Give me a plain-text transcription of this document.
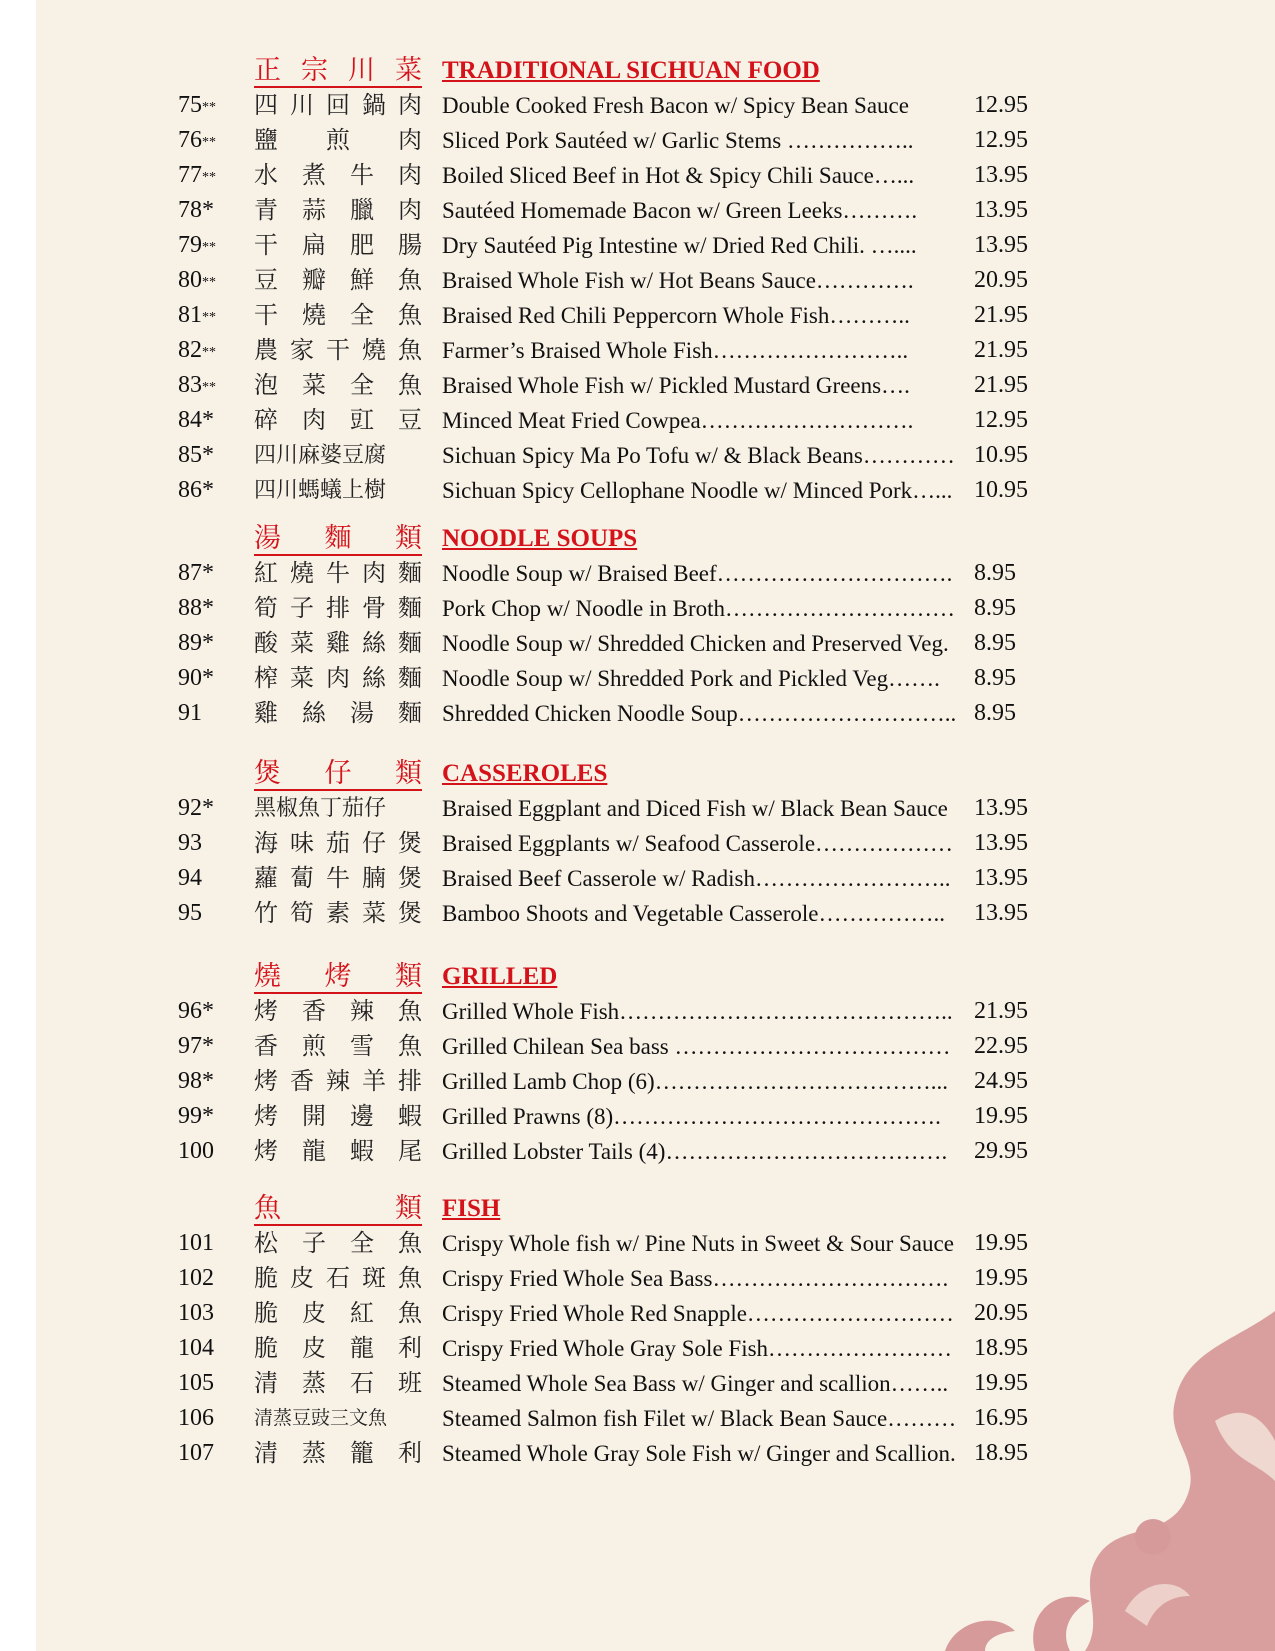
正 宗 川 菜 TRADITIONAL SICHUAN FOOD
75** 四 川 回 鍋 肉 Double Cooked Fresh Bacon w/ Spicy Bean Sauce	12.95
76** 鹽 煎 肉 Sliced Pork Sautéed w/ Garlic Stems ……………..	12.95
77** 水 煮 牛 肉 Boiled Sliced Beef in Hot & Spicy Chili Sauce…...	13.95
78* 青 蒜 臘 肉 Sautéed Homemade Bacon w/ Green Leeks……….	13.95
79** 干 扁 肥 腸 Dry Sautéed Pig Intestine w/ Dried Red Chili. …....	13.95
80** 豆 瓣 鮮 魚 Braised Whole Fish w/ Hot Beans Sauce………….	20.95
81** 干 燒 全 魚 Braised Red Chili Peppercorn Whole Fish………..	21.95
82** 農 家 干 燒 魚 Farmer’s Braised Whole Fish……………………..	21.95
83** 泡 菜 全 魚 Braised Whole Fish w/ Pickled Mustard Greens….	21.95
84* 碎 肉 豇 豆 Minced Meat Fried Cowpea……………………….	12.95
85* 四川麻婆豆腐	Sichuan Spicy Ma Po Tofu w/ & Black Beans………… 10.95
86* 四川螞蟻上樹	Sichuan Spicy Cellophane Noodle w/ Minced Pork…... 10.95
湯 麵 類 NOODLE SOUPS
87* 紅 燒 牛 肉 麵 Noodle Soup w/ Braised Beef…………………………. 8.95
88* 筍 子 排 骨 麵 Pork Chop w/ Noodle in Broth………………………… 8.95
89* 酸 菜 雞 絲 麵 Noodle Soup w/ Shredded Chicken and Preserved Veg.	8.95
90* 榨 菜 肉 絲 麵 Noodle Soup w/ Shredded Pork and Pickled Veg…….	8.95
91 雞 絲 湯 麵 Shredded Chicken Noodle Soup……………………….. 8.95
煲 仔 類 CASSEROLES
92* 黑椒魚丁茄仔	Braised Eggplant and Diced Fish w/ Black Bean Sauce	13.95
93 海 味 茄 仔 煲 Braised Eggplants w/ Seafood Casserole……………… 13.95
94 蘿 蔔 牛 腩 煲 Braised Beef Casserole w/ Radish…………………….. 13.95
95 竹 筍 素 菜 煲 Bamboo Shoots and Vegetable Casserole……………..	13.95
燒 烤 類 GRILLED
96* 烤 香 辣 魚 Grilled Whole Fish…………………………………….. 21.95
97* 香 煎 雪 魚 Grilled Chilean Sea bass ……………………………… 22.95
98* 烤 香 辣 羊 排 Grilled Lamb Chop (6)………………………………...	24.95
99* 烤 開 邊 蝦 Grilled Prawns (8)…………………………………….	19.95
100 烤 龍 蝦 尾 Grilled Lobster Tails (4)……………………………….	29.95
魚	類 FISH
101 松 子 全 魚 Crispy Whole fish w/ Pine Nuts in Sweet & Sour Sauce 19.95
102 脆 皮 石 斑 魚 Crispy Fried Whole Sea Bass………………………….	19.95
103 脆 皮 紅 魚 Crispy Fried Whole Red Snapple……………………… 20.95
104 脆 皮 龍 利 Crispy Fried Whole Gray Sole Fish…………………… 18.95
105 清 蒸 石 班 Steamed Whole Sea Bass w/ Ginger and scallion……..	19.95
106 清蒸豆豉三文魚	Steamed Salmon fish Filet w/ Black Bean Sauce……… 16.95
107 清 蒸 籠 利 Steamed Whole Gray Sole Fish w/ Ginger and Scallion. 18.95
